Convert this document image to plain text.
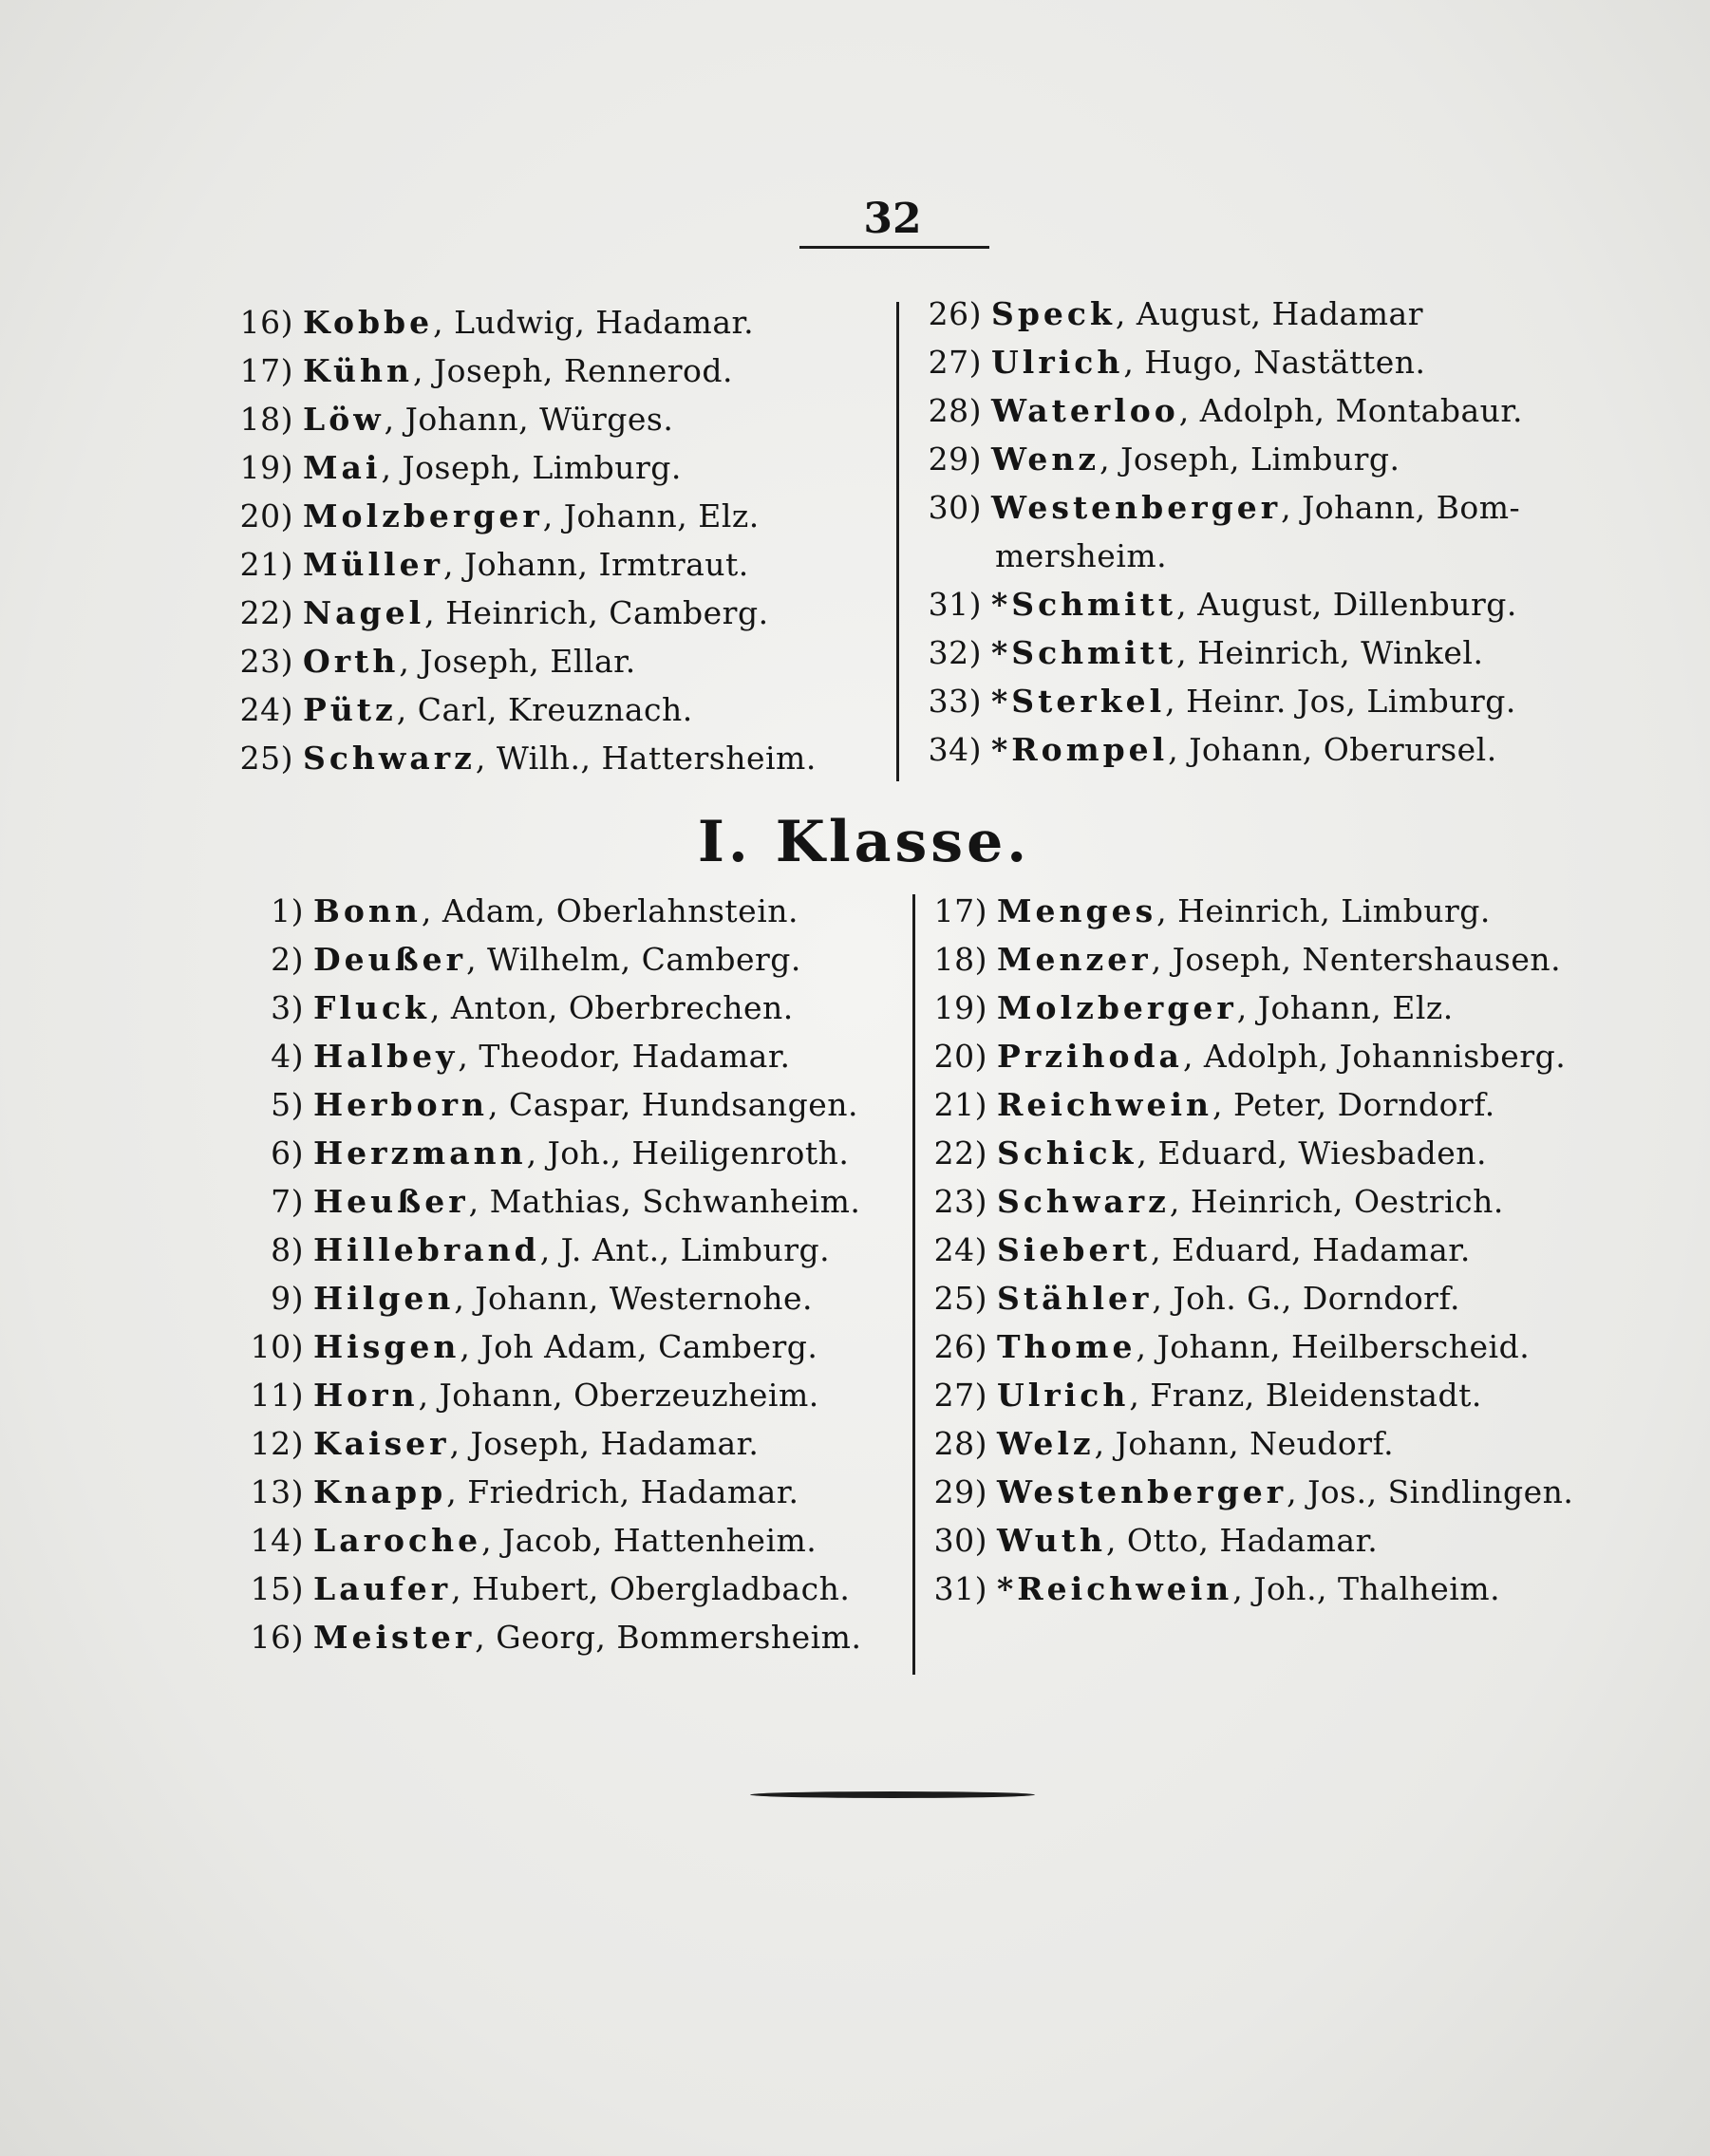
32
16) Kobbe, Ludwig, Hadamar.
17) Kühn, Joseph, Rennerod.
18) Löw, Johann, Würges.
19) Mai, Joseph, Limburg.
20) Molzberger, Johann, Elz.
21) Müller, Johann, Irmtraut.
22) Nagel, Heinrich, Camberg.
23) Orth, Joseph, Ellar.
24) Pütz, Carl, Kreuznach.
25) Schwarz, Wilh., Hattersheim.
26) Speck, August, Hadamar
27) Ulrich, Hugo, Nastätten.
28) Waterloo, Adolph, Montabaur.
29) Wenz, Joseph, Limburg.
30) Westenberger, Johann, Bom-
mersheim.
31) *Schmitt, August, Dillenburg.
32) *Schmitt, Heinrich, Winkel.
33) *Sterkel, Heinr. Jos, Limburg.
34) *Rompel, Johann, Oberursel.
I. Klasse.
1) Bonn, Adam, Oberlahnstein.
2) Deußer, Wilhelm, Camberg.
3) Fluck, Anton, Oberbrechen.
4) Halbey, Theodor, Hadamar.
5) Herborn, Caspar, Hundsangen.
6) Herzmann, Joh., Heiligenroth.
7) Heußer, Mathias, Schwanheim.
8) Hillebrand, J. Ant., Limburg.
9) Hilgen, Johann, Westernohe.
10) Hisgen, Joh Adam, Camberg.
11) Horn, Johann, Oberzeuzheim.
12) Kaiser, Joseph, Hadamar.
13) Knapp, Friedrich, Hadamar.
14) Laroche, Jacob, Hattenheim.
15) Laufer, Hubert, Obergladbach.
16) Meister, Georg, Bommersheim.
17) Menges, Heinrich, Limburg.
18) Menzer, Joseph, Nentershausen.
19) Molzberger, Johann, Elz.
20) Przihoda, Adolph, Johannisberg.
21) Reichwein, Peter, Dorndorf.
22) Schick, Eduard, Wiesbaden.
23) Schwarz, Heinrich, Oestrich.
24) Siebert, Eduard, Hadamar.
25) Stähler, Joh. G., Dorndorf.
26) Thome, Johann, Heilberscheid.
27) Ulrich, Franz, Bleidenstadt.
28) Welz, Johann, Neudorf.
29) Westenberger, Jos., Sindlingen.
30) Wuth, Otto, Hadamar.
31) *Reichwein, Joh., Thalheim.
